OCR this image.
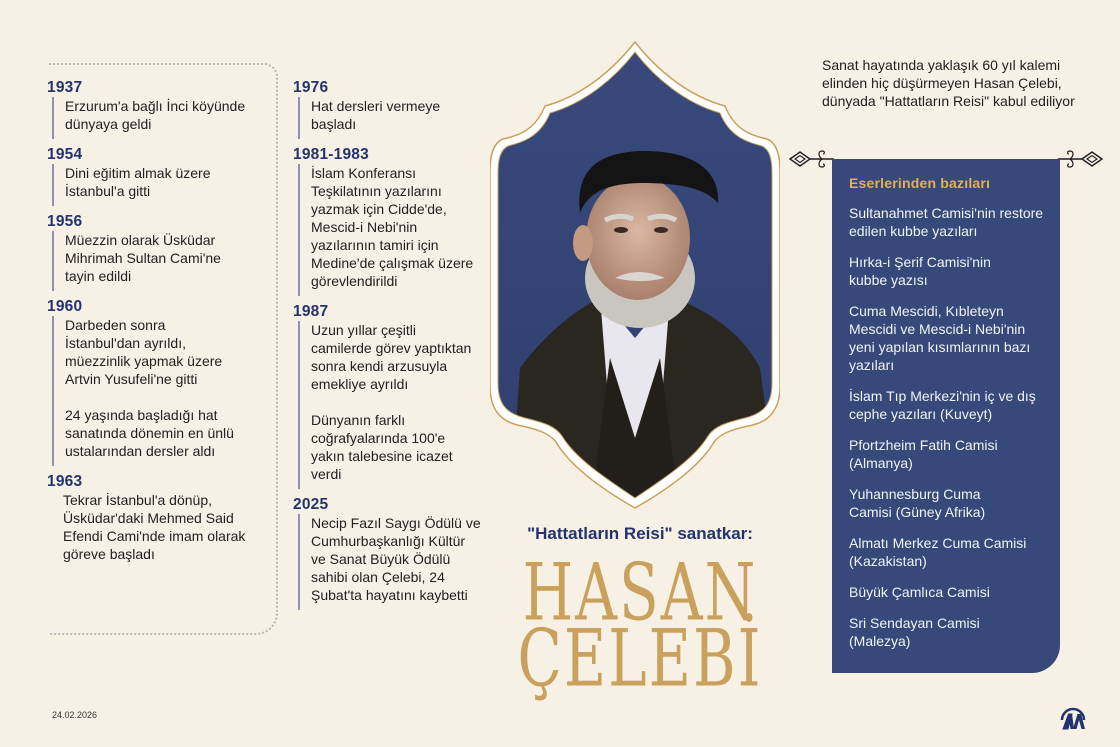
1937

Erzurum'a bağlı İnci köyünde dünyaya geldi

1954

Dini eğitim almak üzere İstanbul'a gitti

1956

Müezzin olarak Üsküdar Mihrimah Sultan Cami'ne tayin edildi

1960

Darbeden sonra İstanbul'dan ayrıldı, müezzinlik yapmak üzere Artvin Yusufeli'ne gitti

24 yaşında başladığı hat sanatında dönemin en ünlü ustalarından dersler aldı

1963

Tekrar İstanbul'a dönüp, Üsküdar'daki Mehmed Said Efendi Cami'nde imam olarak göreve başladı

1976

Hat dersleri vermeye başladı

1981-1983

İslam Konferansı Teşkilatının yazılarını yazmak için Cidde'de, Mescid-i Nebi'nin yazılarının tamiri için Medine'de çalışmak üzere görevlendirildi

1987

Uzun yıllar çeşitli camilerde görev yaptıktan sonra kendi arzusuyla emekliye ayrıldı

Dünyanın farklı coğrafyalarında 100'e yakın talebesine icazet verdi

2025

Necip Fazıl Saygı Ödülü ve Cumhurbaşkanlığı Kültür ve Sanat Büyük Ödülü sahibi olan Çelebi, 24 Şubat'ta hayatını kaybetti

"Hattatların Reisi" sanatkar:
HASAN
ÇELEBİ
Sanat hayatında yaklaşık 60 yıl kalemi elinden hiç düşürmeyen Hasan Çelebi, dünyada "Hattatların Reisi" kabul ediliyor
Eserlerinden bazıları
Sultanahmet Camisi'nin restore edilen kubbe yazıları
Hırka-i Şerif Camisi'nin kubbe yazısı
Cuma Mescidi, Kıbleteyn Mescidi ve Mescid-i Nebi'nin yeni yapılan kısımlarının bazı yazıları
İslam Tıp Merkezi'nin iç ve dış cephe yazıları (Kuveyt)
Pfortzheim Fatih Camisi (Almanya)
Yuhannesburg Cuma Camisi (Güney Afrika)
Almatı Merkez Cuma Camisi (Kazakistan)
Büyük Çamlıca Camisi
Sri Sendayan Camisi (Malezya)
24.02.2026
